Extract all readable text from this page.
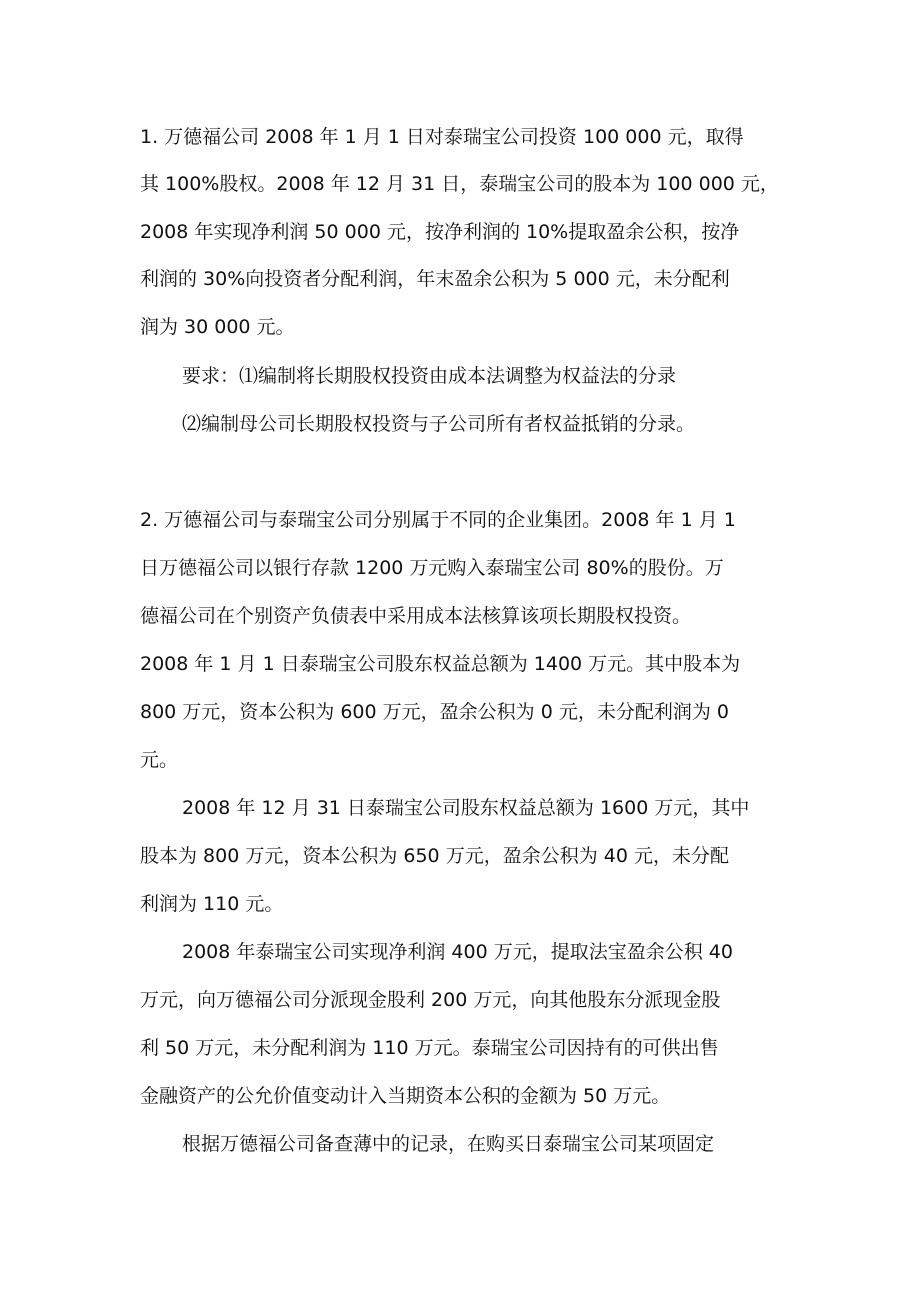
1. 万德福公司 2008 年 1 月 1 日对泰瑞宝公司投资 100 000 元，取得
其 100%股权。2008 年 12 月 31 日，泰瑞宝公司的股本为 100 000 元，
2008 年实现净利润 50 000 元，按净利润的 10%提取盈余公积，按净
利润的 30%向投资者分配利润，年末盈余公积为 5 000 元，未分配利
润为 30 000 元。
要求：⑴编制将长期股权投资由成本法调整为权益法的分录
⑵编制母公司长期股权投资与子公司所有者权益抵销的分录。
2. 万德福公司与泰瑞宝公司分别属于不同的企业集团。2008 年 1 月 1
日万德福公司以银行存款 1200 万元购入泰瑞宝公司 80%的股份。万
德福公司在个别资产负债表中采用成本法核算该项长期股权投资。
2008 年 1 月 1 日泰瑞宝公司股东权益总额为 1400 万元。其中股本为
800 万元，资本公积为 600 万元，盈余公积为 0 元，未分配利润为 0
元。
2008 年 12 月 31 日泰瑞宝公司股东权益总额为 1600 万元，其中
股本为 800 万元，资本公积为 650 万元，盈余公积为 40 元，未分配
利润为 110 元。
2008 年泰瑞宝公司实现净利润 400 万元，提取法宝盈余公积 40
万元，向万德福公司分派现金股利 200 万元，向其他股东分派现金股
利 50 万元，未分配利润为 110 万元。泰瑞宝公司因持有的可供出售
金融资产的公允价值变动计入当期资本公积的金额为 50 万元。
根据万德福公司备查薄中的记录，在购买日泰瑞宝公司某项固定
